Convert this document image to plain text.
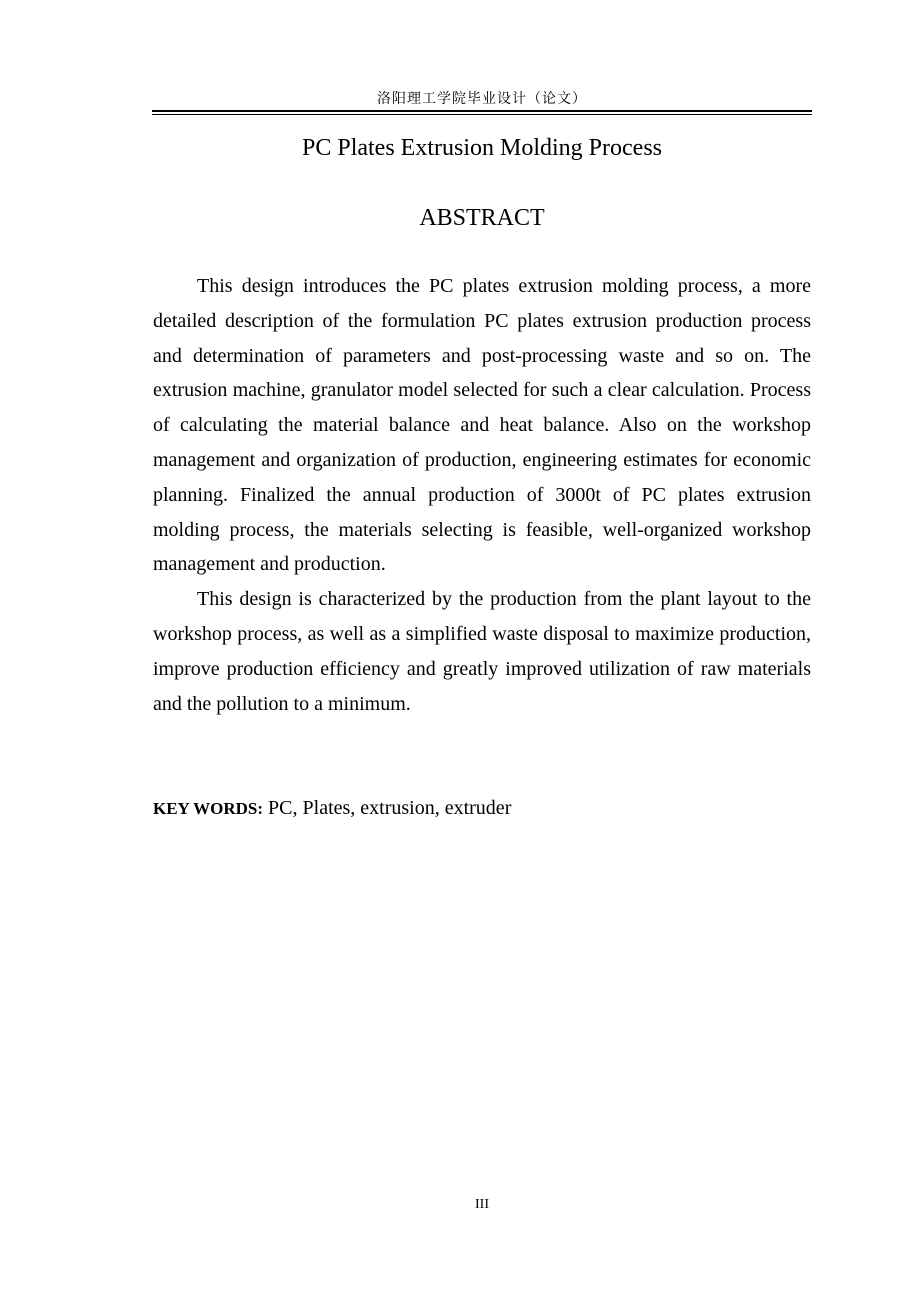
洛阳理工学院毕业设计（论文）
PC Plates Extrusion Molding Process
ABSTRACT

This design introduces the PC plates extrusion molding process, a more detailed description of the formulation PC plates extrusion production process and determination of parameters and post-processing waste and so on. The extrusion machine, granulator model selected for such a clear calculation. Process of calculating the material balance and heat balance. Also on the workshop management and organization of production, engineering estimates for economic planning. Finalized the annual production of 3000t of PC plates extrusion molding process, the materials selecting is feasible, well-organized workshop management and production.

This design is characterized by the production from the plant layout to the workshop process, as well as a simplified waste disposal to maximize production, improve production efficiency and greatly improved utilization of raw materials and the pollution to a minimum.

KEY WORDS: PC, Plates, extrusion, extruder
III
